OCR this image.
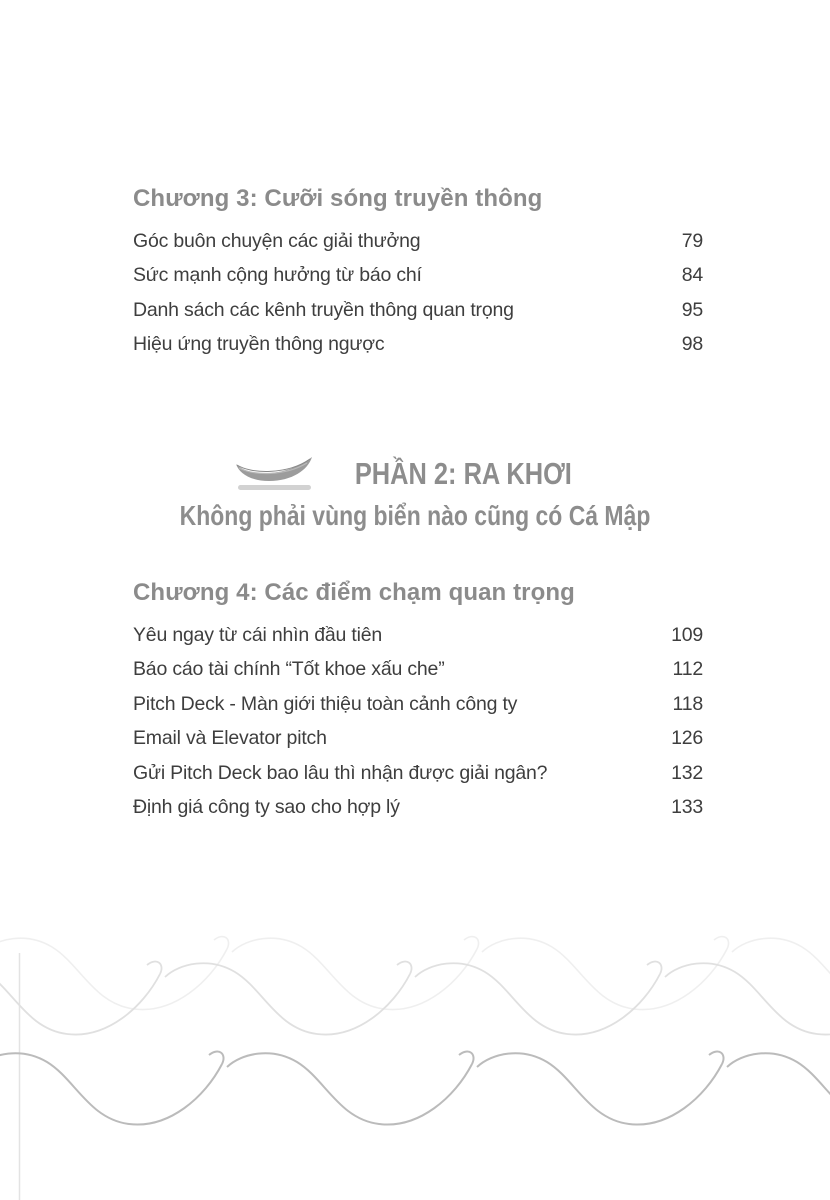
Chương 3: Cưỡi sóng truyền thông
Góc buôn chuyện các giải thưởng	79
Sức mạnh cộng hưởng từ báo chí	84
Danh sách các kênh truyền thông quan trọng	95
Hiệu ứng truyền thông ngược	98
PHẦN 2: RA KHƠI
Không phải vùng biển nào cũng có Cá Mập
Chương 4: Các điểm chạm quan trọng
Yêu ngay từ cái nhìn đầu tiên	109
Báo cáo tài chính “Tốt khoe xấu che”	112
Pitch Deck - Màn giới thiệu toàn cảnh công ty	118
Email và Elevator pitch	126
Gửi Pitch Deck bao lâu thì nhận được giải ngân?	132
Định giá công ty sao cho hợp lý	133
